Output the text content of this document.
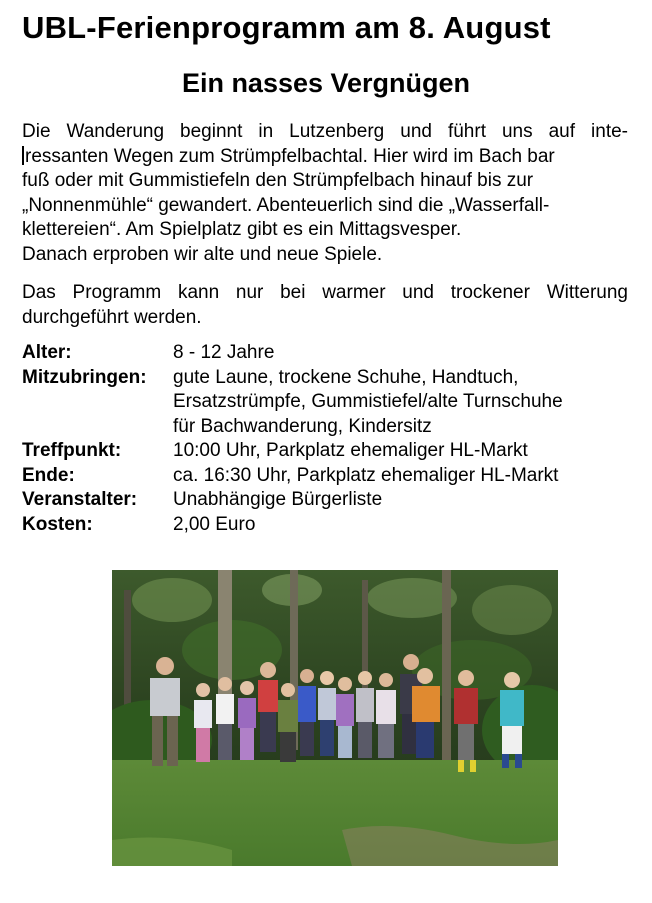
UBL-Ferienprogramm am 8. August
Ein nasses Vergnügen
Die Wanderung beginnt in Lutzenberg und führt uns auf inte-
ressanten Wegen zum Strümpfelbachtal. Hier wird im Bach bar
fuß oder mit Gummistiefeln den Strümpfelbach hinauf bis zur
„Nonnenmühle“ gewandert. Abenteuerlich sind die „Wasserfall-
klettereien“. Am Spielplatz gibt es ein Mittagsvesper.
Danach erproben wir alte und neue Spiele.
Das Programm kann nur bei warmer und trockener Witterung
durchgeführt werden.
Alter:	8 - 12 Jahre
Mitzubringen:	gute Laune, trockene Schuhe, Handtuch,
Ersatzstrümpfe, Gummistiefel/alte Turnschuhe
für Bachwanderung, Kindersitz
Treffpunkt:	10:00 Uhr, Parkplatz ehemaliger HL-Markt
Ende:	ca. 16:30 Uhr, Parkplatz ehemaliger HL-Markt
Veranstalter:	Unabhängige Bürgerliste
Kosten:	2,00 Euro
